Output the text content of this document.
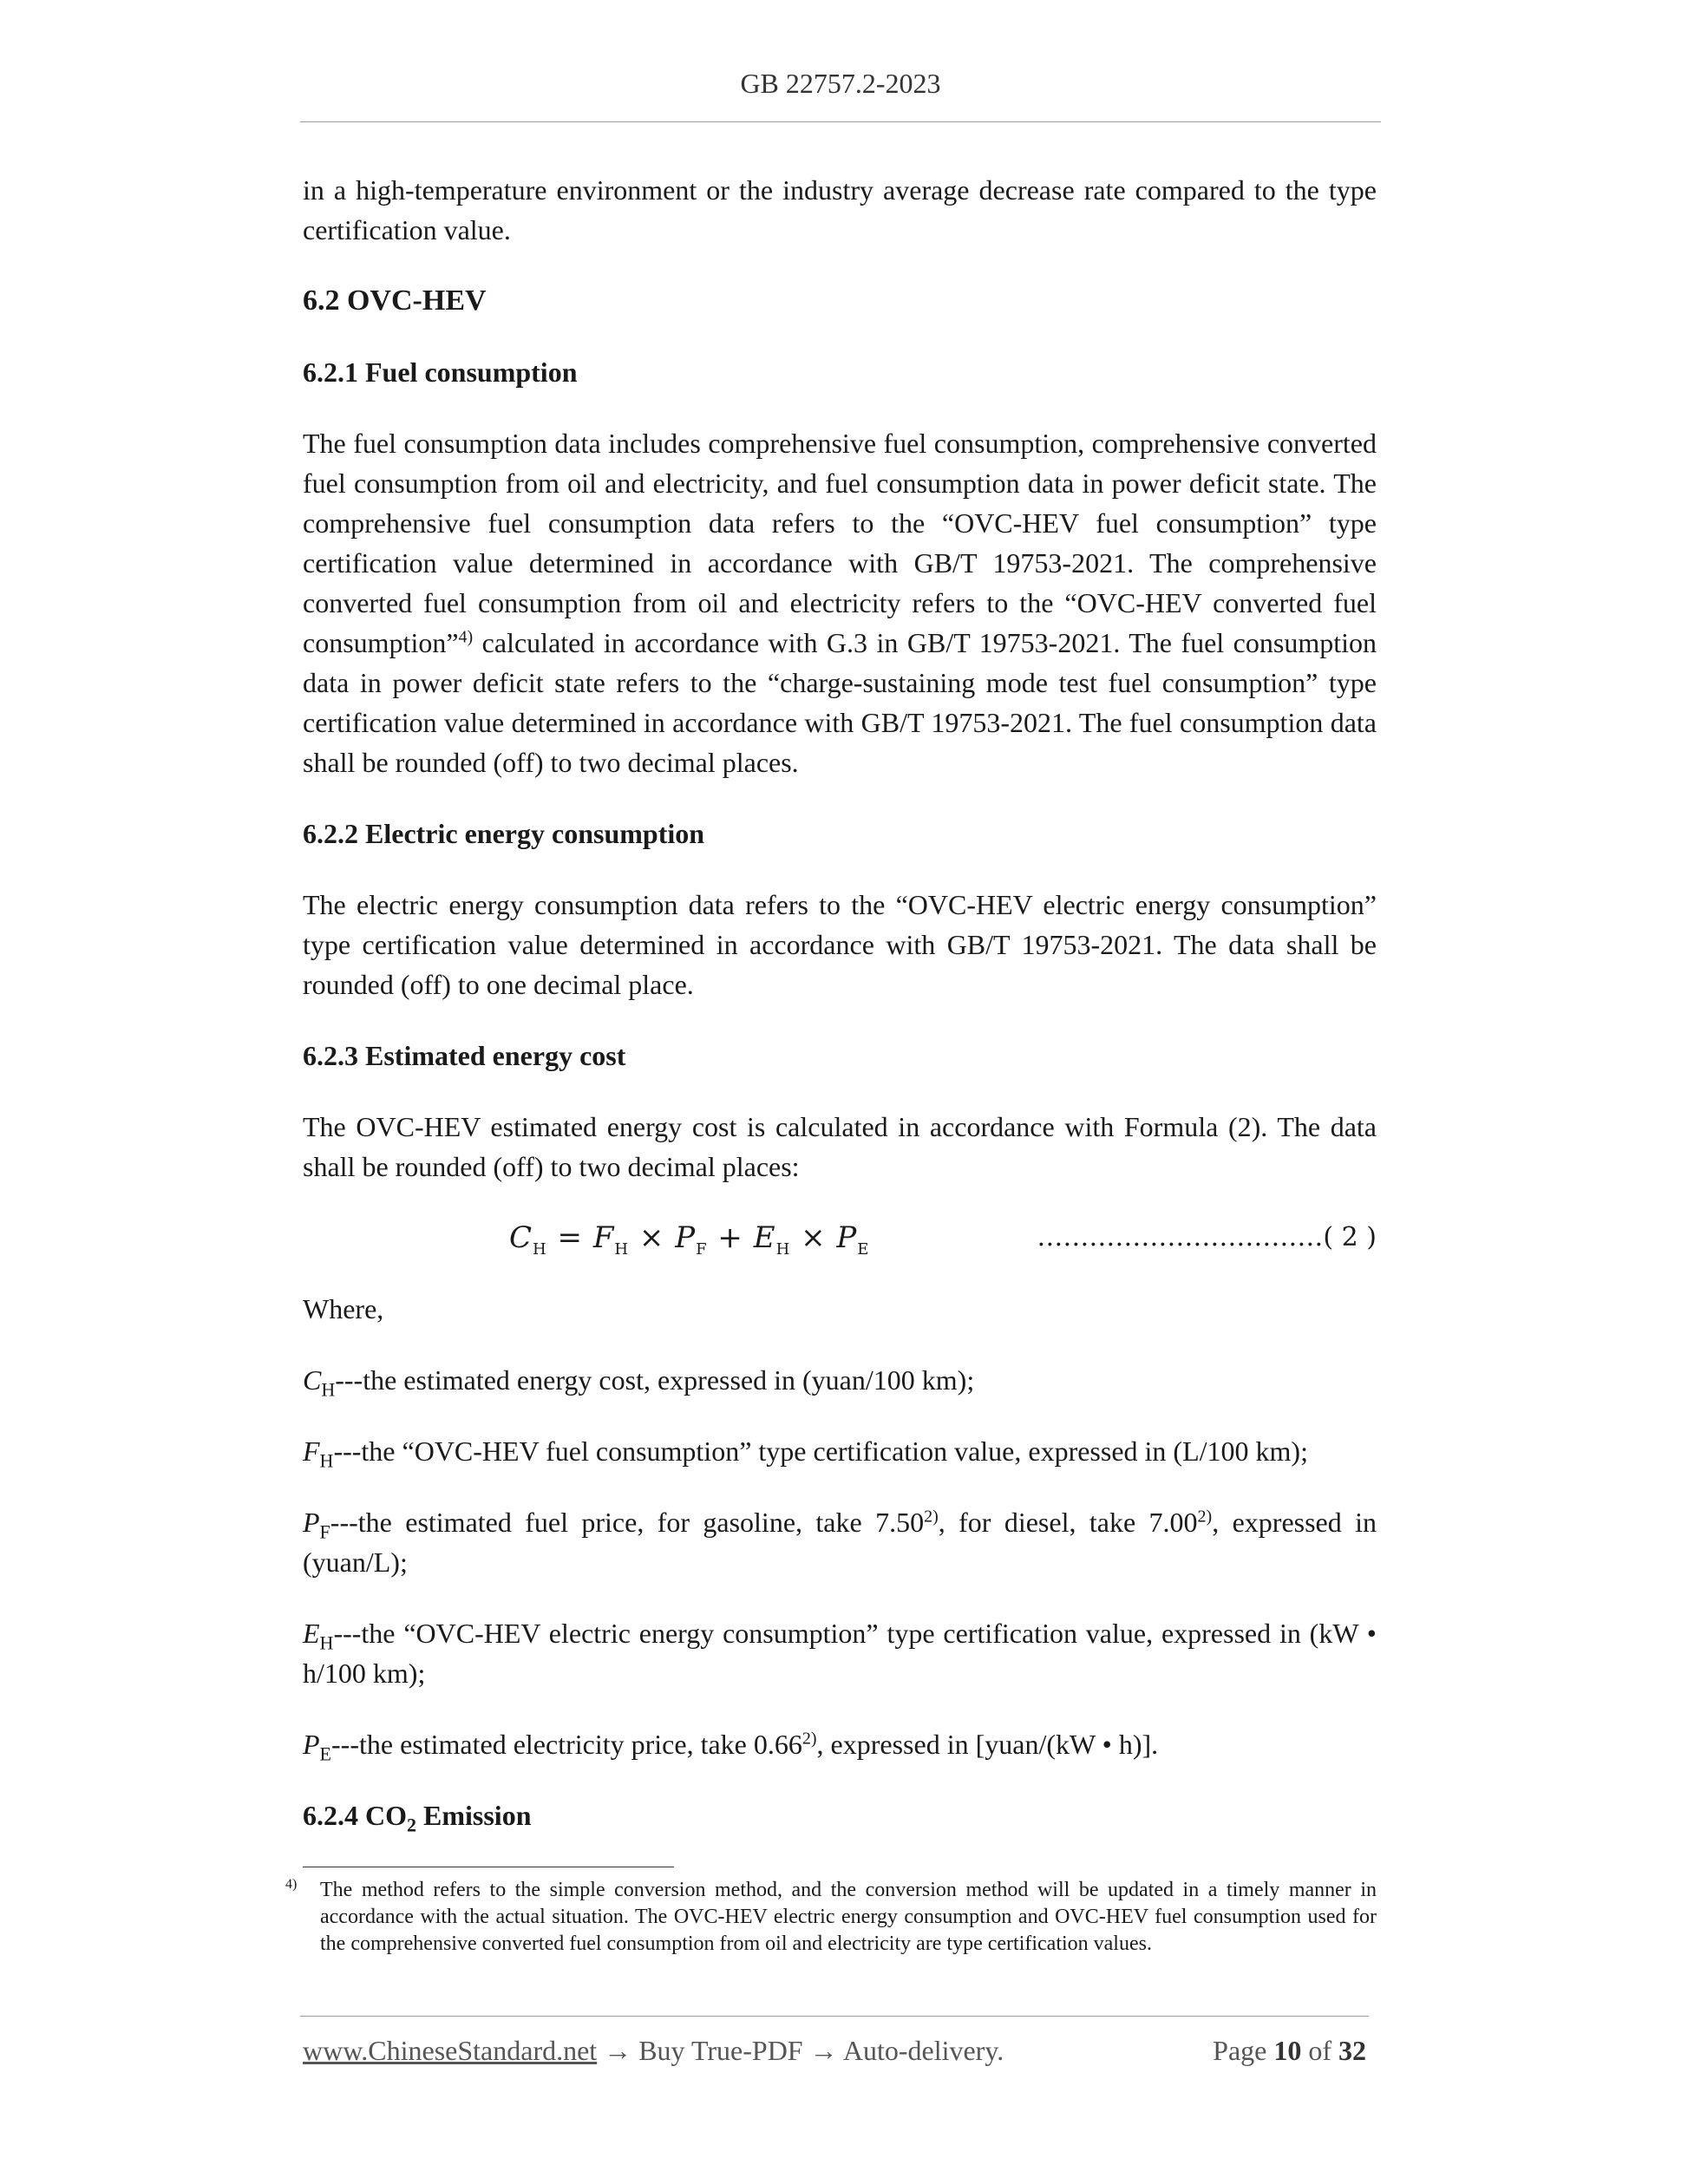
GB 22757.2-2023

in a high-temperature environment or the industry average decrease rate compared to the type certification value.

6.2 OVC-HEV
6.2.1 Fuel consumption

The fuel consumption data includes comprehensive fuel consumption, comprehensive converted fuel consumption from oil and electricity, and fuel consumption data in power deficit state. The comprehensive fuel consumption data refers to the “OVC-HEV fuel consumption” type certification value determined in accordance with GB/T 19753-2021. The comprehensive converted fuel consumption from oil and electricity refers to the “OVC-HEV converted fuel consumption”$^{4)}$ calculated in accordance with G.3 in GB/T 19753-2021. The fuel consumption data in power deficit state refers to the “charge-sustaining mode test fuel consumption” type certification value determined in accordance with GB/T 19753-2021. The fuel consumption data shall be rounded (off) to two decimal places.

6.2.2 Electric energy consumption

The electric energy consumption data refers to the “OVC-HEV electric energy consumption” type certification value determined in accordance with GB/T 19753-2021. The data shall be rounded (off) to one decimal place.

6.2.3 Estimated energy cost

The OVC-HEV estimated energy cost is calculated in accordance with Formula (2). The data shall be rounded (off) to two decimal places:

$C_H = F_H \times P_F + E_H \times P_E$	……………………………( 2 )

Where,

$C_H--$-the estimated energy cost, expressed in (yuan/100 km);

$F_H--$-the “OVC-HEV fuel consumption” type certification value, expressed in (L/100 km);

$P_F--$-the estimated fuel price, for gasoline, take 7.50$^{2)}$, for diesel, take 7.00$^{2)}$, expressed in (yuan/L);

$E_H--$-the “OVC-HEV electric energy consumption” type certification value, expressed in (kW • h/100 km);

$P_E--$-the estimated electricity price, take 0.66$^{2)}$, expressed in [yuan/(kW • h)].

6.2.4 $CO_2$ Emission

$^{4)}$ The method refers to the simple conversion method, and the conversion method will be updated in a timely manner in accordance with the actual situation. The OVC-HEV electric energy consumption and OVC-HEV fuel consumption used for the comprehensive converted fuel consumption from oil and electricity are type certification values.

www.ChineseStandard.net → Buy True-PDF → Auto-delivery.	Page 10 of 32
